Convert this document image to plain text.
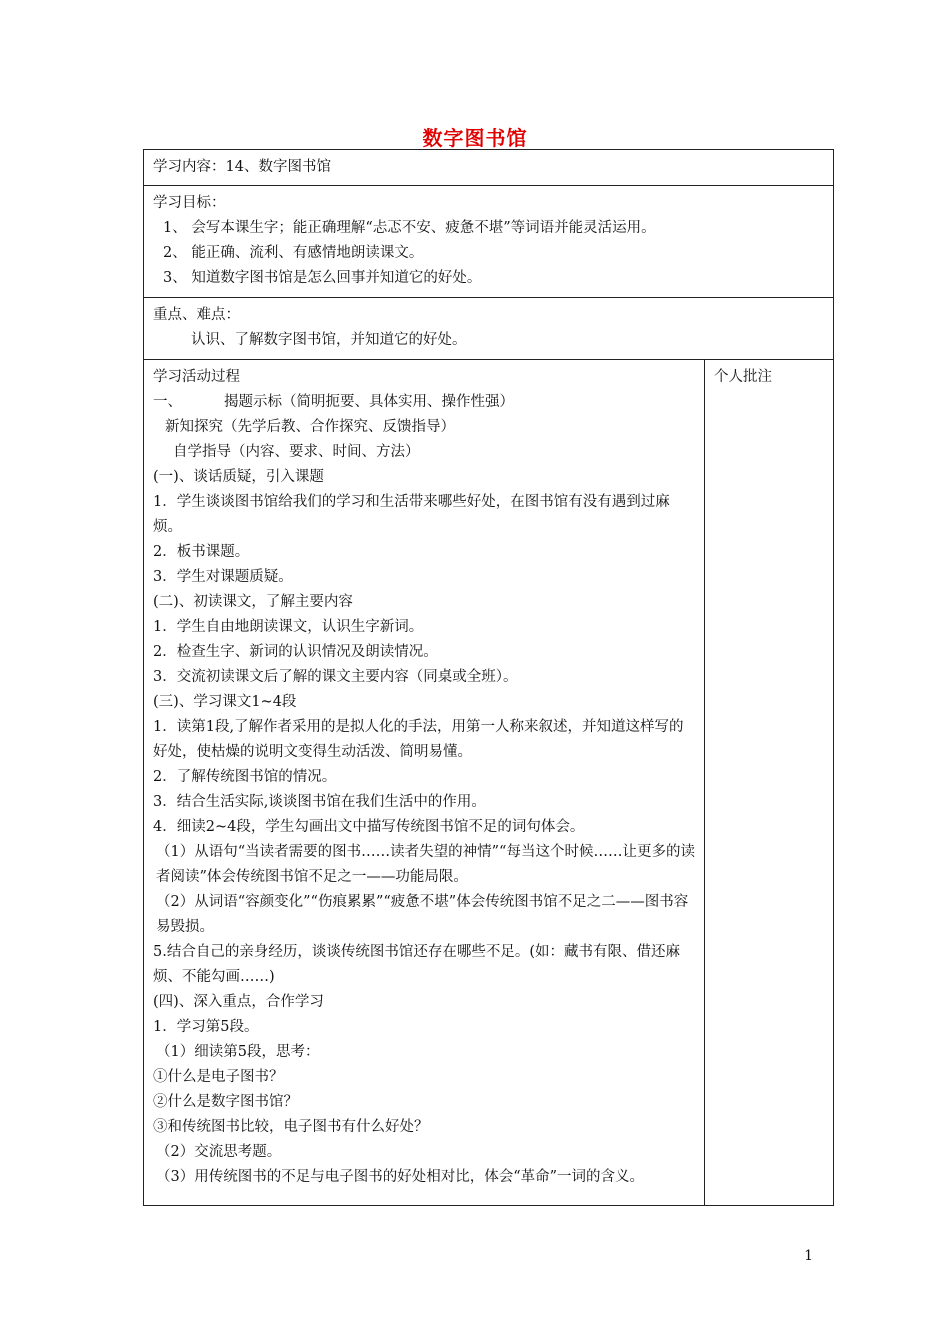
数字图书馆
学习内容：14、数字图书馆

学习目标：
1、 会写本课生字；能正确理解“忐忑不安、疲惫不堪”等词语并能灵活运用。
2、 能正确、流利、有感情地朗读课文。
3、 知道数字图书馆是怎么回事并知道它的好处。

重点、难点：
认识、了解数字图书馆，并知道它的好处。

学习活动过程
一、	揭题示标（简明扼要、具体实用、操作性强）
新知探究（先学后教、合作探究、反馈指导）
自学指导（内容、要求、时间、方法）
(一)、谈话质疑，引入课题
1．学生谈谈图书馆给我们的学习和生活带来哪些好处，在图书馆有没有遇到过麻烦。
2．板书课题。
3．学生对课题质疑。
(二)、初读课文，了解主要内容
1．学生自由地朗读课文，认识生字新词。
2．检查生字、新词的认识情况及朗读情况。
3．交流初读课文后了解的课文主要内容（同桌或全班）。
(三)、学习课文1~4段
1．读第1段,了解作者采用的是拟人化的手法，用第一人称来叙述，并知道这样写的好处，使枯燥的说明文变得生动活泼、简明易懂。
2．了解传统图书馆的情况。
3．结合生活实际,谈谈图书馆在我们生活中的作用。
4．细读2~4段，学生勾画出文中描写传统图书馆不足的词句体会。
（1）从语句“当读者需要的图书……读者失望的神情”“每当这个时候……让更多的读者阅读”体会传统图书馆不足之一——功能局限。
（2）从词语“容颜变化”“伤痕累累”“疲惫不堪”体会传统图书馆不足之二——图书容易毁损。
5.结合自己的亲身经历，谈谈传统图书馆还存在哪些不足。(如：藏书有限、借还麻烦、不能勾画……)
(四)、深入重点，合作学习
1．学习第5段。
（1）细读第5段，思考：
①什么是电子图书？
②什么是数字图书馆？
③和传统图书比较，电子图书有什么好处？
（2）交流思考题。
（3）用传统图书的不足与电子图书的好处相对比，体会“革命”一词的含义。

个人批注
1
